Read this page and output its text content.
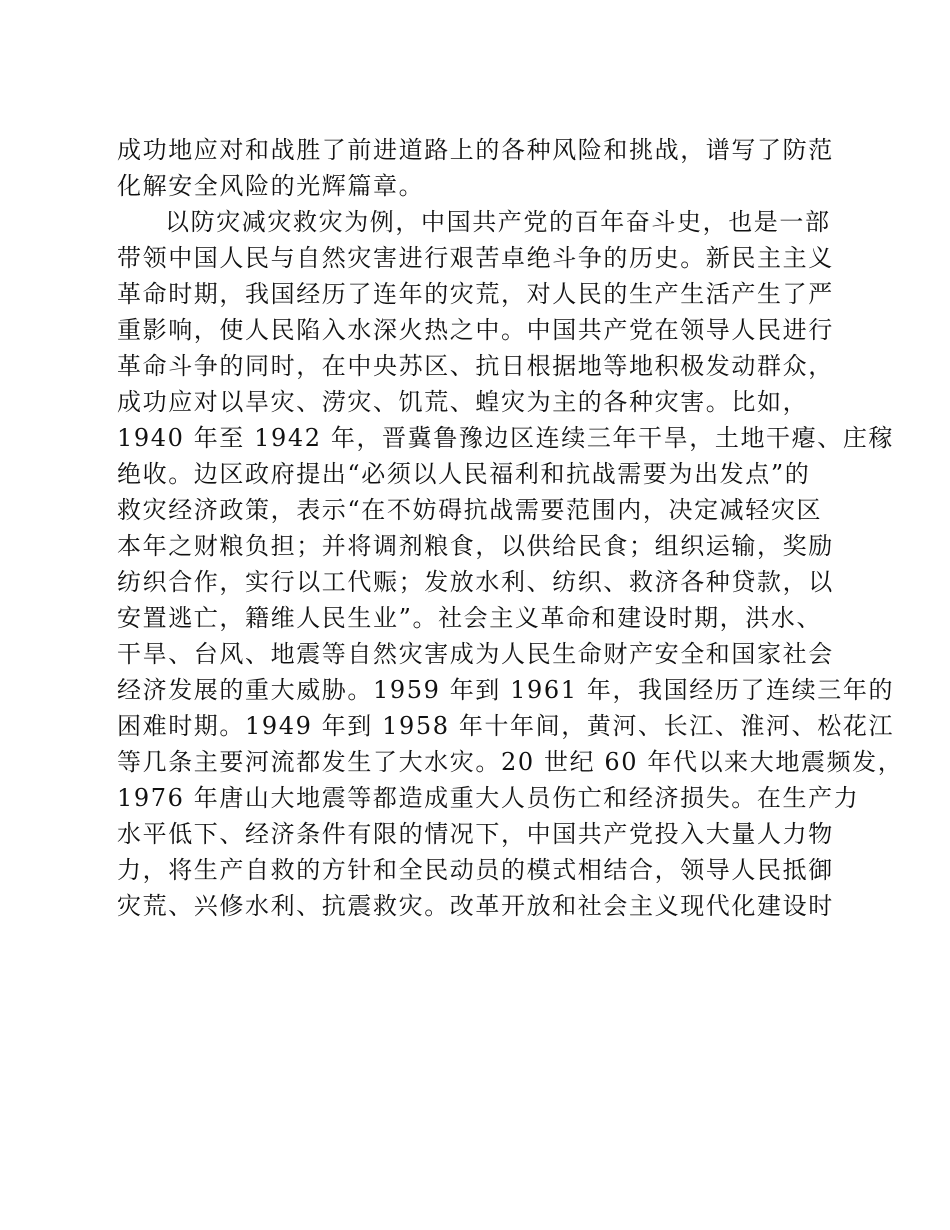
成功地应对和战胜了前进道路上的各种风险和挑战，谱写了防范
化解安全风险的光辉篇章。
以防灾减灾救灾为例，中国共产党的百年奋斗史，也是一部
带领中国人民与自然灾害进行艰苦卓绝斗争的历史。新民主主义
革命时期，我国经历了连年的灾荒，对人民的生产生活产生了严
重影响，使人民陷入水深火热之中。中国共产党在领导人民进行
革命斗争的同时，在中央苏区、抗日根据地等地积极发动群众，
成功应对以旱灾、涝灾、饥荒、蝗灾为主的各种灾害。比如，
1940 年至 1942 年，晋冀鲁豫边区连续三年干旱，土地干瘪、庄稼
绝收。边区政府提出“必须以人民福利和抗战需要为出发点”的
救灾经济政策，表示“在不妨碍抗战需要范围内，决定减轻灾区
本年之财粮负担；并将调剂粮食，以供给民食；组织运输，奖励
纺织合作，实行以工代赈；发放水利、纺织、救济各种贷款，以
安置逃亡，籍维人民生业”。社会主义革命和建设时期，洪水、
干旱、台风、地震等自然灾害成为人民生命财产安全和国家社会
经济发展的重大威胁。1959 年到 1961 年，我国经历了连续三年的
困难时期。1949 年到 1958 年十年间，黄河、长江、淮河、松花江
等几条主要河流都发生了大水灾。20 世纪 60 年代以来大地震频发，
1976 年唐山大地震等都造成重大人员伤亡和经济损失。在生产力
水平低下、经济条件有限的情况下，中国共产党投入大量人力物
力，将生产自救的方针和全民动员的模式相结合，领导人民抵御
灾荒、兴修水利、抗震救灾。改革开放和社会主义现代化建设时
